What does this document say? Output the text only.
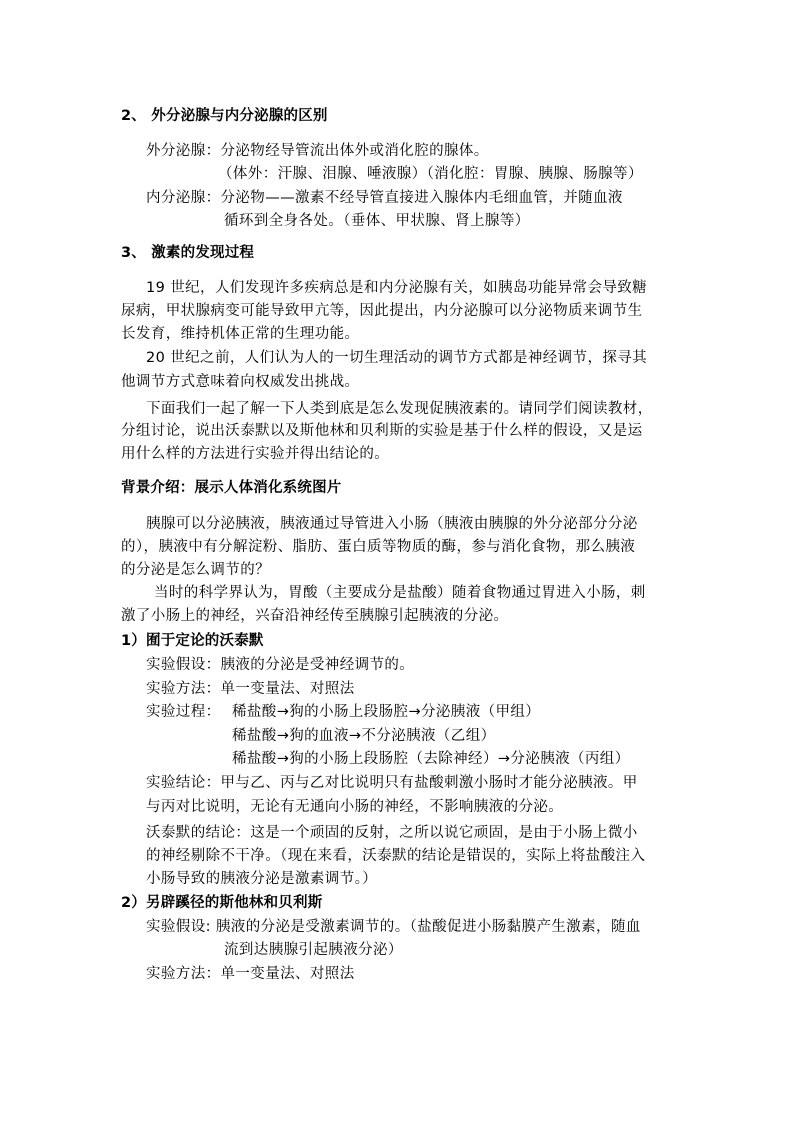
2、 外分泌腺与内分泌腺的区别
外分泌腺：分泌物经导管流出体外或消化腔的腺体。
（体外：汗腺、泪腺、唾液腺）（消化腔：胃腺、胰腺、肠腺等）
内分泌腺：分泌物——激素不经导管直接进入腺体内毛细血管，并随血液
循环到全身各处。（垂体、甲状腺、肾上腺等）
3、 激素的发现过程
19 世纪，人们发现许多疾病总是和内分泌腺有关，如胰岛功能异常会导致糖
尿病，甲状腺病变可能导致甲亢等，因此提出，内分泌腺可以分泌物质来调节生
长发育，维持机体正常的生理功能。
20 世纪之前，人们认为人的一切生理活动的调节方式都是神经调节，探寻其
他调节方式意味着向权威发出挑战。
下面我们一起了解一下人类到底是怎么发现促胰液素的。请同学们阅读教材，
分组讨论，说出沃泰默以及斯他林和贝利斯的实验是基于什么样的假设，又是运
用什么样的方法进行实验并得出结论的。
背景介绍：展示人体消化系统图片
胰腺可以分泌胰液，胰液通过导管进入小肠（胰液由胰腺的外分泌部分分泌
的），胰液中有分解淀粉、脂肪、蛋白质等物质的酶，参与消化食物，那么胰液
的分泌是怎么调节的？
当时的科学界认为，胃酸（主要成分是盐酸）随着食物通过胃进入小肠，刺
激了小肠上的神经，兴奋沿神经传至胰腺引起胰液的分泌。
1）囿于定论的沃泰默
实验假设：胰液的分泌是受神经调节的。
实验方法：单一变量法、对照法
实验过程： 稀盐酸→狗的小肠上段肠腔→分泌胰液（甲组）
稀盐酸→狗的血液→不分泌胰液（乙组）
稀盐酸→狗的小肠上段肠腔（去除神经）→分泌胰液（丙组）
实验结论：甲与乙、丙与乙对比说明只有盐酸刺激小肠时才能分泌胰液。甲
与丙对比说明，无论有无通向小肠的神经，不影响胰液的分泌。
沃泰默的结论：这是一个顽固的反射，之所以说它顽固，是由于小肠上微小
的神经剔除不干净。（现在来看，沃泰默的结论是错误的，实际上将盐酸注入
小肠导致的胰液分泌是激素调节。）
2）另辟蹊径的斯他林和贝利斯
实验假设: 胰液的分泌是受激素调节的。（盐酸促进小肠黏膜产生激素，随血
流到达胰腺引起胰液分泌）
实验方法：单一变量法、对照法
